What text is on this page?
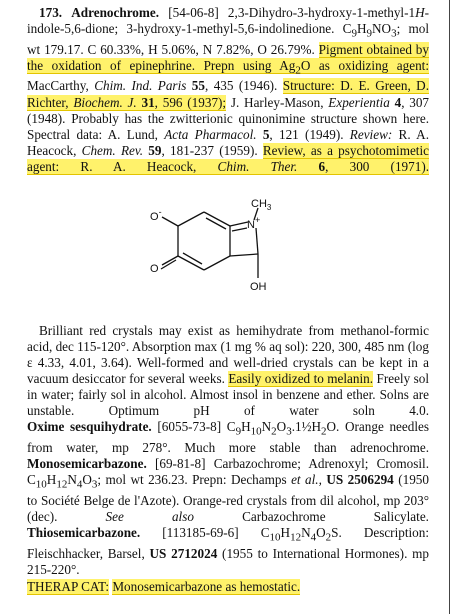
173. Adrenochrome. [54-06-8] 2,3-Dihydro-3-hydroxy-1-methyl-1H-indole-5,6-dione; 3-hydroxy-1-methyl-5,6-indolinedione. $C_9H_9NO_3$; mol wt 179.17. C 60.33%, H 5.06%, N 7.82%, O 26.79%. Pigment obtained by the oxidation of epinephrine. Prepn using $Ag_2O$ as oxidizing agent: MacCarthy, Chim. Ind. Paris 55, 435 (1946). Structure: D. E. Green, D. Richter, Biochem. J. 31, 596 (1937); J. Harley-Mason, Experientia 4, 307 (1948). Probably has the zwitterionic quinonimine structure shown here. Spectral data: A. Lund, Acta Pharmacol. 5, 121 (1949). Review: R. A. Heacock, Chem. Rev. 59, 181-237 (1959). Review, as a psychotomimetic agent: R. A. Heacock, Chim. Ther. 6, 300 (1971).

$CH_3$
N+
O-
O
OH

Brilliant red crystals may exist as hemihydrate from methanol-formic acid, dec 115-120°. Absorption max (1 mg % aq sol): 220, 300, 485 nm (log ε 4.33, 4.01, 3.64). Well-formed and well-dried crystals can be kept in a vacuum desiccator for several weeks. Easily oxidized to melanin. Freely sol in water; fairly sol in alcohol. Almost insol in benzene and ether. Solns are unstable. Optimum pH of water soln 4.0.

Oxime sesquihydrate. [6055-73-8] $C_9H_{10}N_2O_3.1\frac{1}{2}H_2O$. Orange needles from water, mp 278°. Much more stable than adrenochrome.

Monosemicarbazone. [69-81-8] Carbazochrome; Adrenoxyl; Cromosil. $C_{10}H_{12}N_4O_3$; mol wt 236.23. Prepn: Dechamps et al., US 2506294 (1950 to Société Belge de l'Azote). Orange-red crystals from dil alcohol, mp 203° (dec). See also Carbazochrome Salicylate.

Thiosemicarbazone. [113185-69-6] $C_{10}H_{12}N_4O_2S$. Description: Fleischhacker, Barsel, US 2712024 (1955 to International Hormones). mp 215-220°.

THERAP CAT: Monosemicarbazone as hemostatic.
